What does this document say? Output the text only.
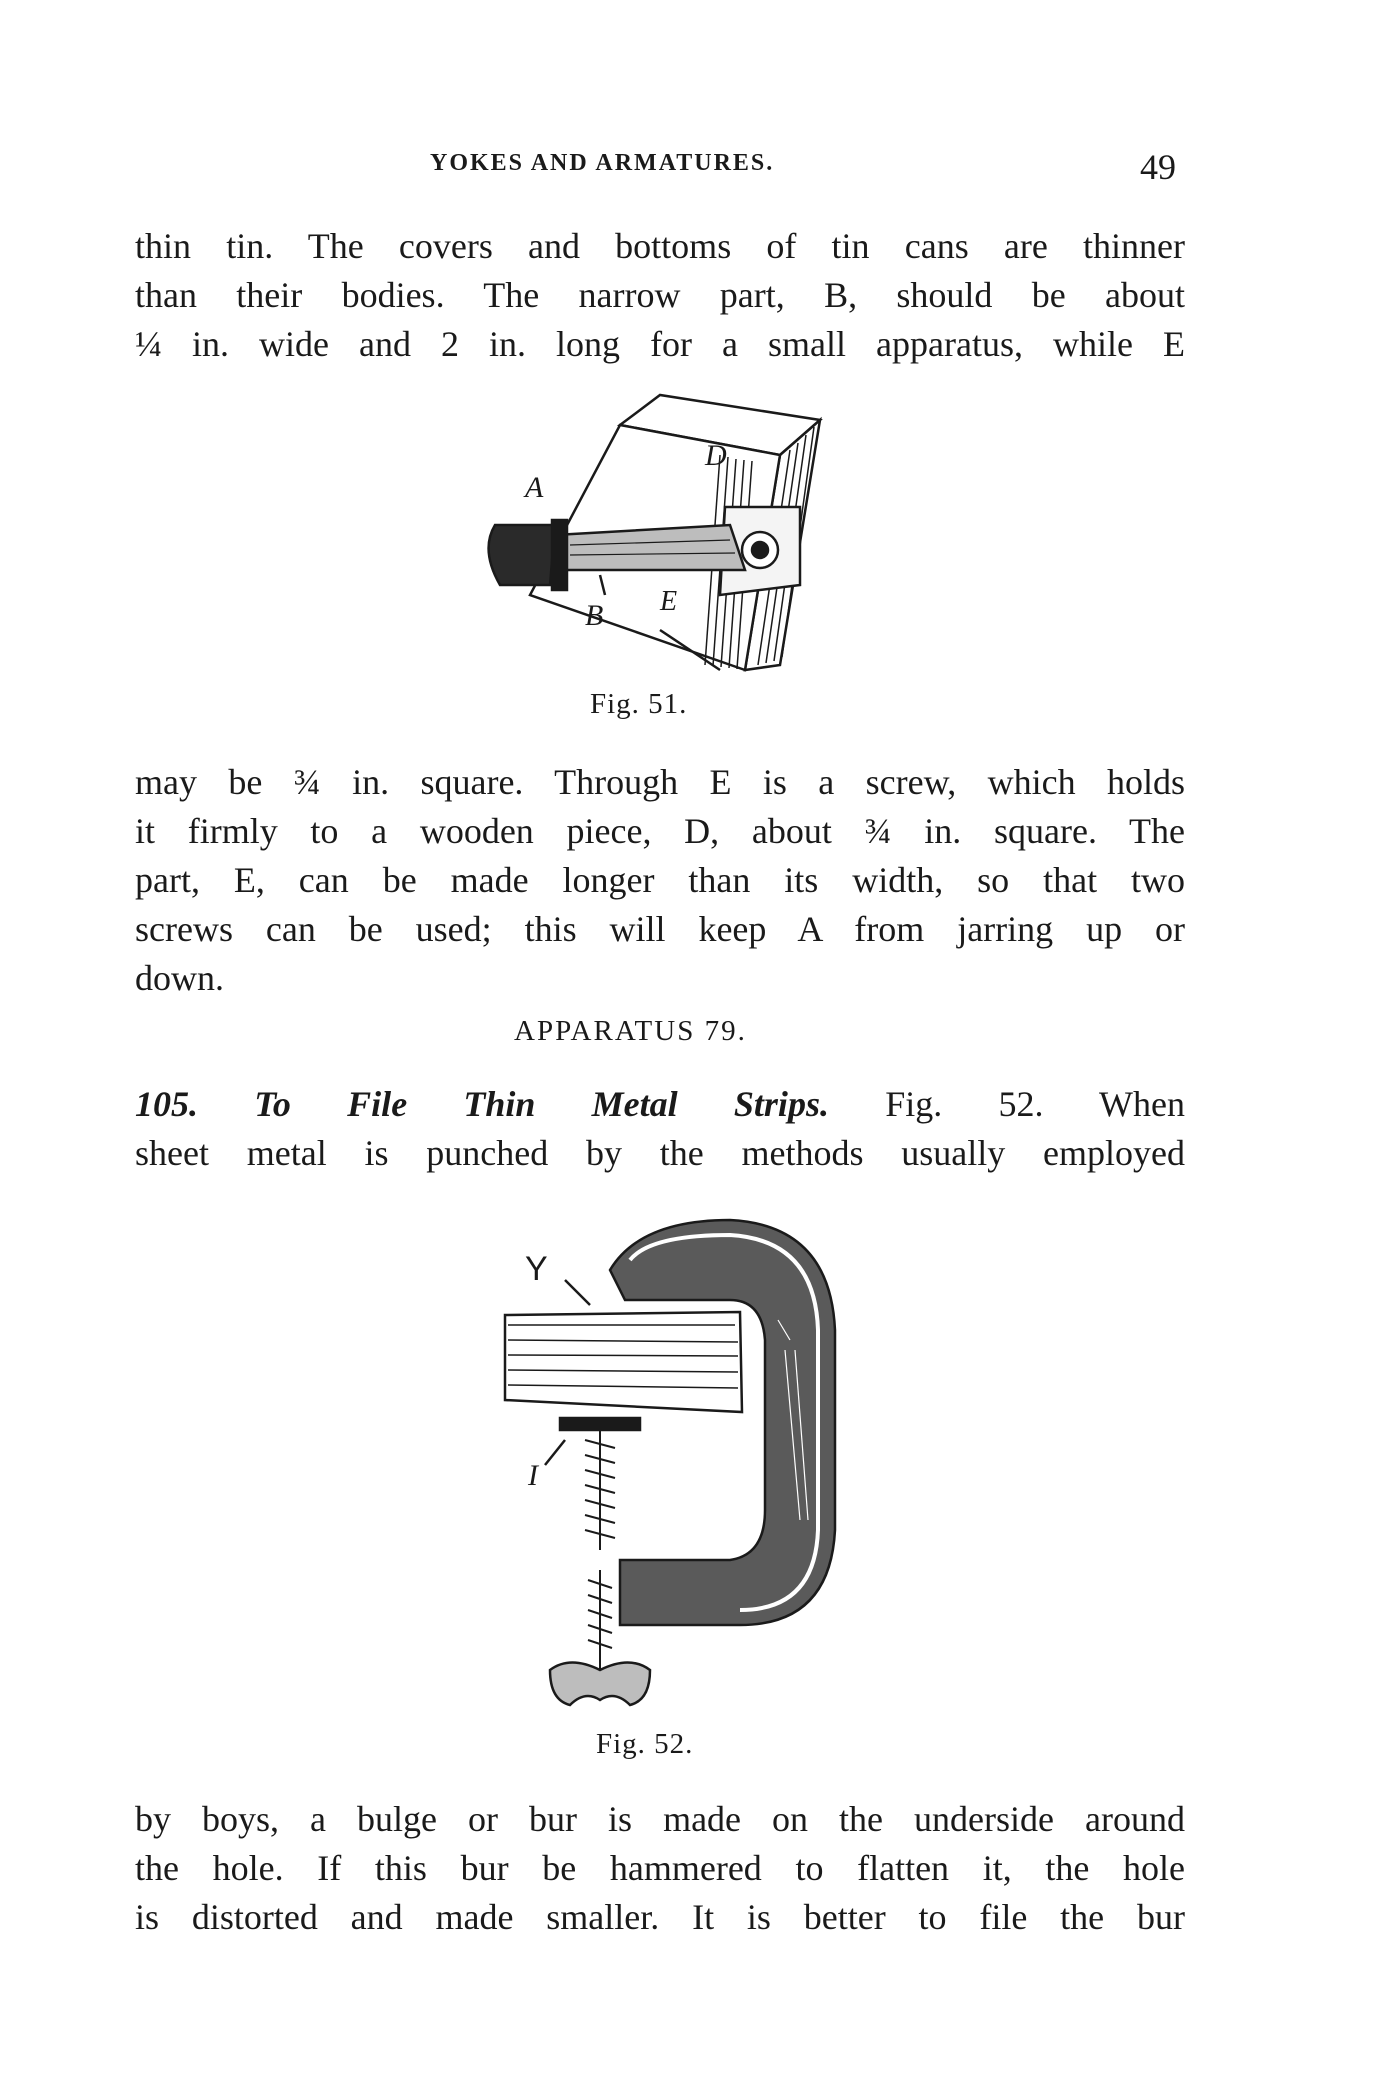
YOKES AND ARMATURES.	49
thin tin. The covers and bottoms of tin cans are thinner
than their bodies. The narrow part, B, should be about
¼ in. wide and 2 in. long for a small apparatus, while E
A
B
D
E
Fig. 51.
may be ¾ in. square. Through E is a screw, which holds
it firmly to a wooden piece, D, about ¾ in. square. The
part, E, can be made longer than its width, so that two
screws can be used; this will keep A from jarring up or
down.
APPARATUS 79.
105. To File Thin Metal Strips. Fig. 52. When
sheet metal is punched by the methods usually employed
Y
I
Fig. 52.
by boys, a bulge or bur is made on the underside around
the hole. If this bur be hammered to flatten it, the hole
is distorted and made smaller. It is better to file the bur
